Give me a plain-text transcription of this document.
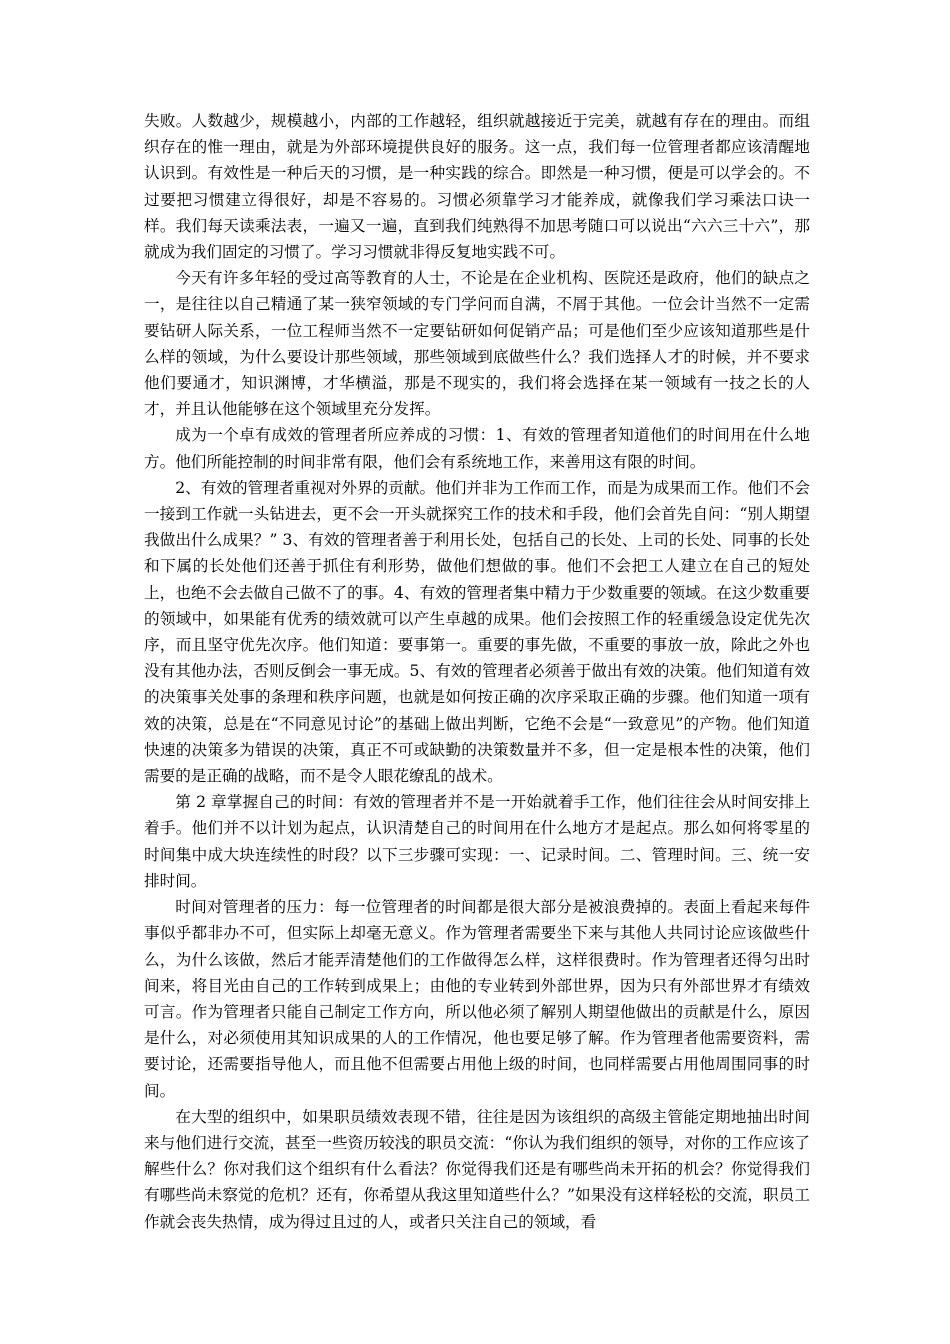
失败。人数越少，规模越小，内部的工作越轻，组织就越接近于完美，就越有存在的理由。而组织存在的惟一理由，就是为外部环境提供良好的服务。这一点，我们每一位管理者都应该清醒地认识到。有效性是一种后天的习惯，是一种实践的综合。即然是一种习惯，便是可以学会的。不过要把习惯建立得很好，却是不容易的。习惯必须靠学习才能养成，就像我们学习乘法口诀一样。我们每天读乘法表，一遍又一遍，直到我们纯熟得不加思考随口可以说出“六六三十六”，那就成为我们固定的习惯了。学习习惯就非得反复地实践不可。

今天有许多年轻的受过高等教育的人士，不论是在企业机构、医院还是政府，他们的缺点之一，是往往以自己精通了某一狭窄领域的专门学问而自满，不屑于其他。一位会计当然不一定需要钻研人际关系，一位工程师当然不一定要钻研如何促销产品；可是他们至少应该知道那些是什么样的领域，为什么要设计那些领域，那些领域到底做些什么？我们选择人才的时候，并不要求他们要通才，知识渊博，才华横溢，那是不现实的，我们将会选择在某一领域有一技之长的人才，并且认他能够在这个领域里充分发挥。

成为一个卓有成效的管理者所应养成的习惯：1、有效的管理者知道他们的时间用在什么地方。他们所能控制的时间非常有限，他们会有系统地工作，来善用这有限的时间。

2、有效的管理者重视对外界的贡献。他们并非为工作而工作，而是为成果而工作。他们不会一接到工作就一头钻进去，更不会一开头就探究工作的技术和手段，他们会首先自问：“别人期望我做出什么成果？” 3、有效的管理者善于利用长处，包括自己的长处、上司的长处、同事的长处和下属的长处他们还善于抓住有利形势，做他们想做的事。他们不会把工人建立在自己的短处上，也绝不会去做自己做不了的事。4、有效的管理者集中精力于少数重要的领域。在这少数重要的领域中，如果能有优秀的绩效就可以产生卓越的成果。他们会按照工作的轻重缓急设定优先次序，而且坚守优先次序。他们知道：要事第一。重要的事先做，不重要的事放一放，除此之外也没有其他办法，否则反倒会一事无成。5、有效的管理者必须善于做出有效的决策。他们知道有效的决策事关处事的条理和秩序问题，也就是如何按正确的次序采取正确的步骤。他们知道一项有效的决策，总是在“不同意见讨论”的基础上做出判断，它绝不会是“一致意见”的产物。他们知道快速的决策多为错误的决策，真正不可或缺勤的决策数量并不多，但一定是根本性的决策，他们需要的是正确的战略，而不是令人眼花缭乱的战术。

第 2 章掌握自己的时间：有效的管理者并不是一开始就着手工作，他们往往会从时间安排上着手。他们并不以计划为起点，认识清楚自己的时间用在什么地方才是起点。那么如何将零星的时间集中成大块连续性的时段？以下三步骤可实现：一、记录时间。二、管理时间。三、统一安排时间。

时间对管理者的压力：每一位管理者的时间都是很大部分是被浪费掉的。表面上看起来每件事似乎都非办不可，但实际上却毫无意义。作为管理者需要坐下来与其他人共同讨论应该做些什么，为什么该做，然后才能弄清楚他们的工作做得怎么样，这样很费时。作为管理者还得匀出时间来，将目光由自己的工作转到成果上；由他的专业转到外部世界，因为只有外部世界才有绩效可言。作为管理者只能自己制定工作方向，所以他必须了解别人期望他做出的贡献是什么，原因是什么，对必须使用其知识成果的人的工作情况，他也要足够了解。作为管理者他需要资料，需要讨论，还需要指导他人，而且他不但需要占用他上级的时间，也同样需要占用他周围同事的时间。

在大型的组织中，如果职员绩效表现不错，往往是因为该组织的高级主管能定期地抽出时间来与他们进行交流，甚至一些资历较浅的职员交流：“你认为我们组织的领导，对你的工作应该了解些什么？你对我们这个组织有什么看法？你觉得我们还是有哪些尚未开拓的机会？你觉得我们有哪些尚未察觉的危机？还有，你希望从我这里知道些什么？”如果没有这样轻松的交流，职员工作就会丧失热情，成为得过且过的人，或者只关注自己的领域，看
